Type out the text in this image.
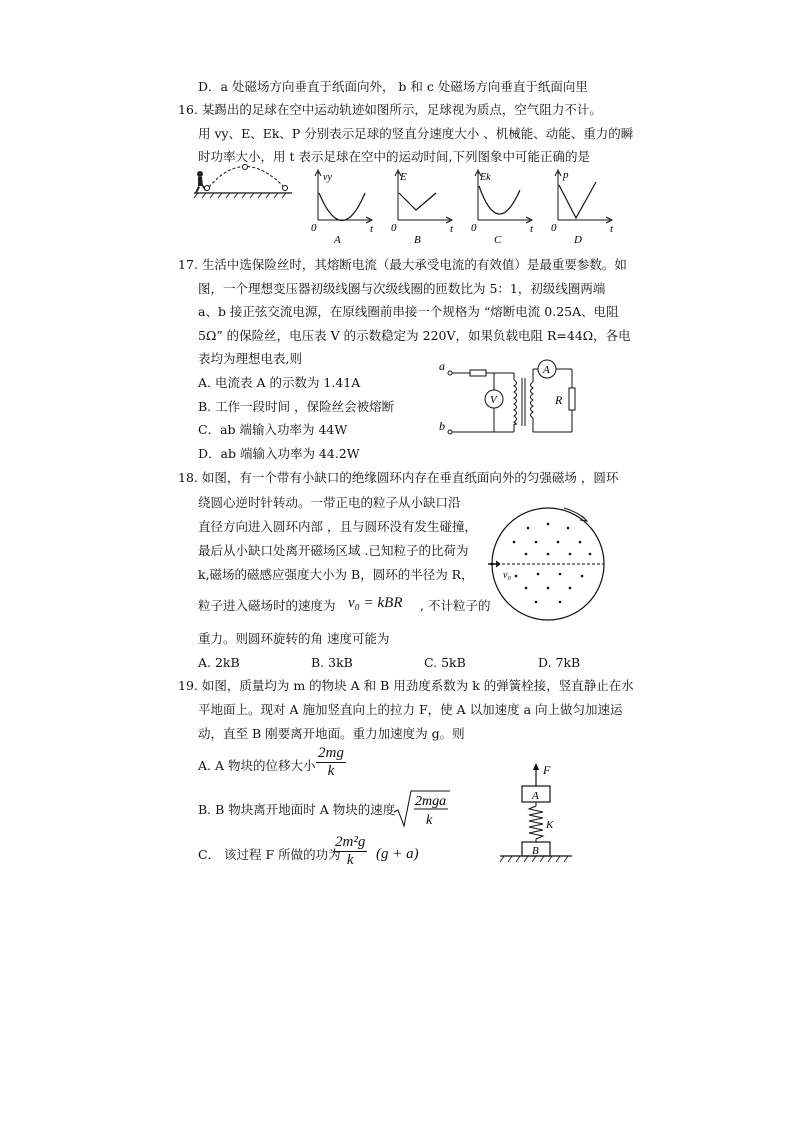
D．a 处磁场方向垂直于纸面向外， b 和 c 处磁场方向垂直于纸面向里
16. 某踢出的足球在空中运动轨迹如图所示，足球视为质点，空气阻力不计。
用 vy、E、Ek、P 分别表示足球的竖直分速度大小 、机械能、动能、重力的瞬
时功率大小，用 t 表示足球在空中的运动时间,下列图象中可能正确的是
vy
0	t
A
E
0	t
B
Ek
0	t
C
p
0	t
D
17. 生活中选保险丝时，其熔断电流（最大承受电流的有效值）是最重要参数。如
图，一个理想变压器初级线圈与次级线圈的匝数比为 5：1，初级线圈两端
a、b 接正弦交流电源，在原线圈前串接一个规格为 “熔断电流 0.25A、电阻
5Ω” 的保险丝，电压表 V 的示数稳定为 220V，如果负载电阻 R=44Ω，各电
表均为理想电表,则
A. 电流表 A 的示数为 1.41A
B. 工作一段时间 ，保险丝会被熔断
C．ab 端输入功率为 44W
D．ab 端输入功率为 44.2W
a
b
V
A
R
18. 如图，有一个带有小缺口的绝缘圆环内存在垂直纸面向外的匀强磁场 ，圆环
绕圆心逆时针转动。一带正电的粒子从小缺口沿
直径方向进入圆环内部 ，且与圆环没有发生碰撞，
最后从小缺口处离开磁场区域 .已知粒子的比荷为
k,磁场的磁感应强度大小为 B，圆环的半径为 R，
粒子进入磁场时的速度为 v₀ = kBR , 不计粒子的
重力。则圆环旋转的角 速度可能为
A. 2kB	B. 3kB	C. 5kB	D. 7kB
v₀
19. 如图，质量均为 m 的物块 A 和 B 用劲度系数为 k 的弹簧栓接，竖直静止在水
平地面上。现对 A 施加竖直向上的拉力 F，使 A 以加速度 a 向上做匀加速运
动，直至 B 刚要离开地面。重力加速度为 g。则
A. A 物块的位移大小 $\frac{2mg}{k}$
B. B 物块离开地面时 A 物块的速度
2mga
k
C． 该过程 F 所做的功为
$\frac{\text{2m²g}}{k} (g + a)$
F
A
K
B
